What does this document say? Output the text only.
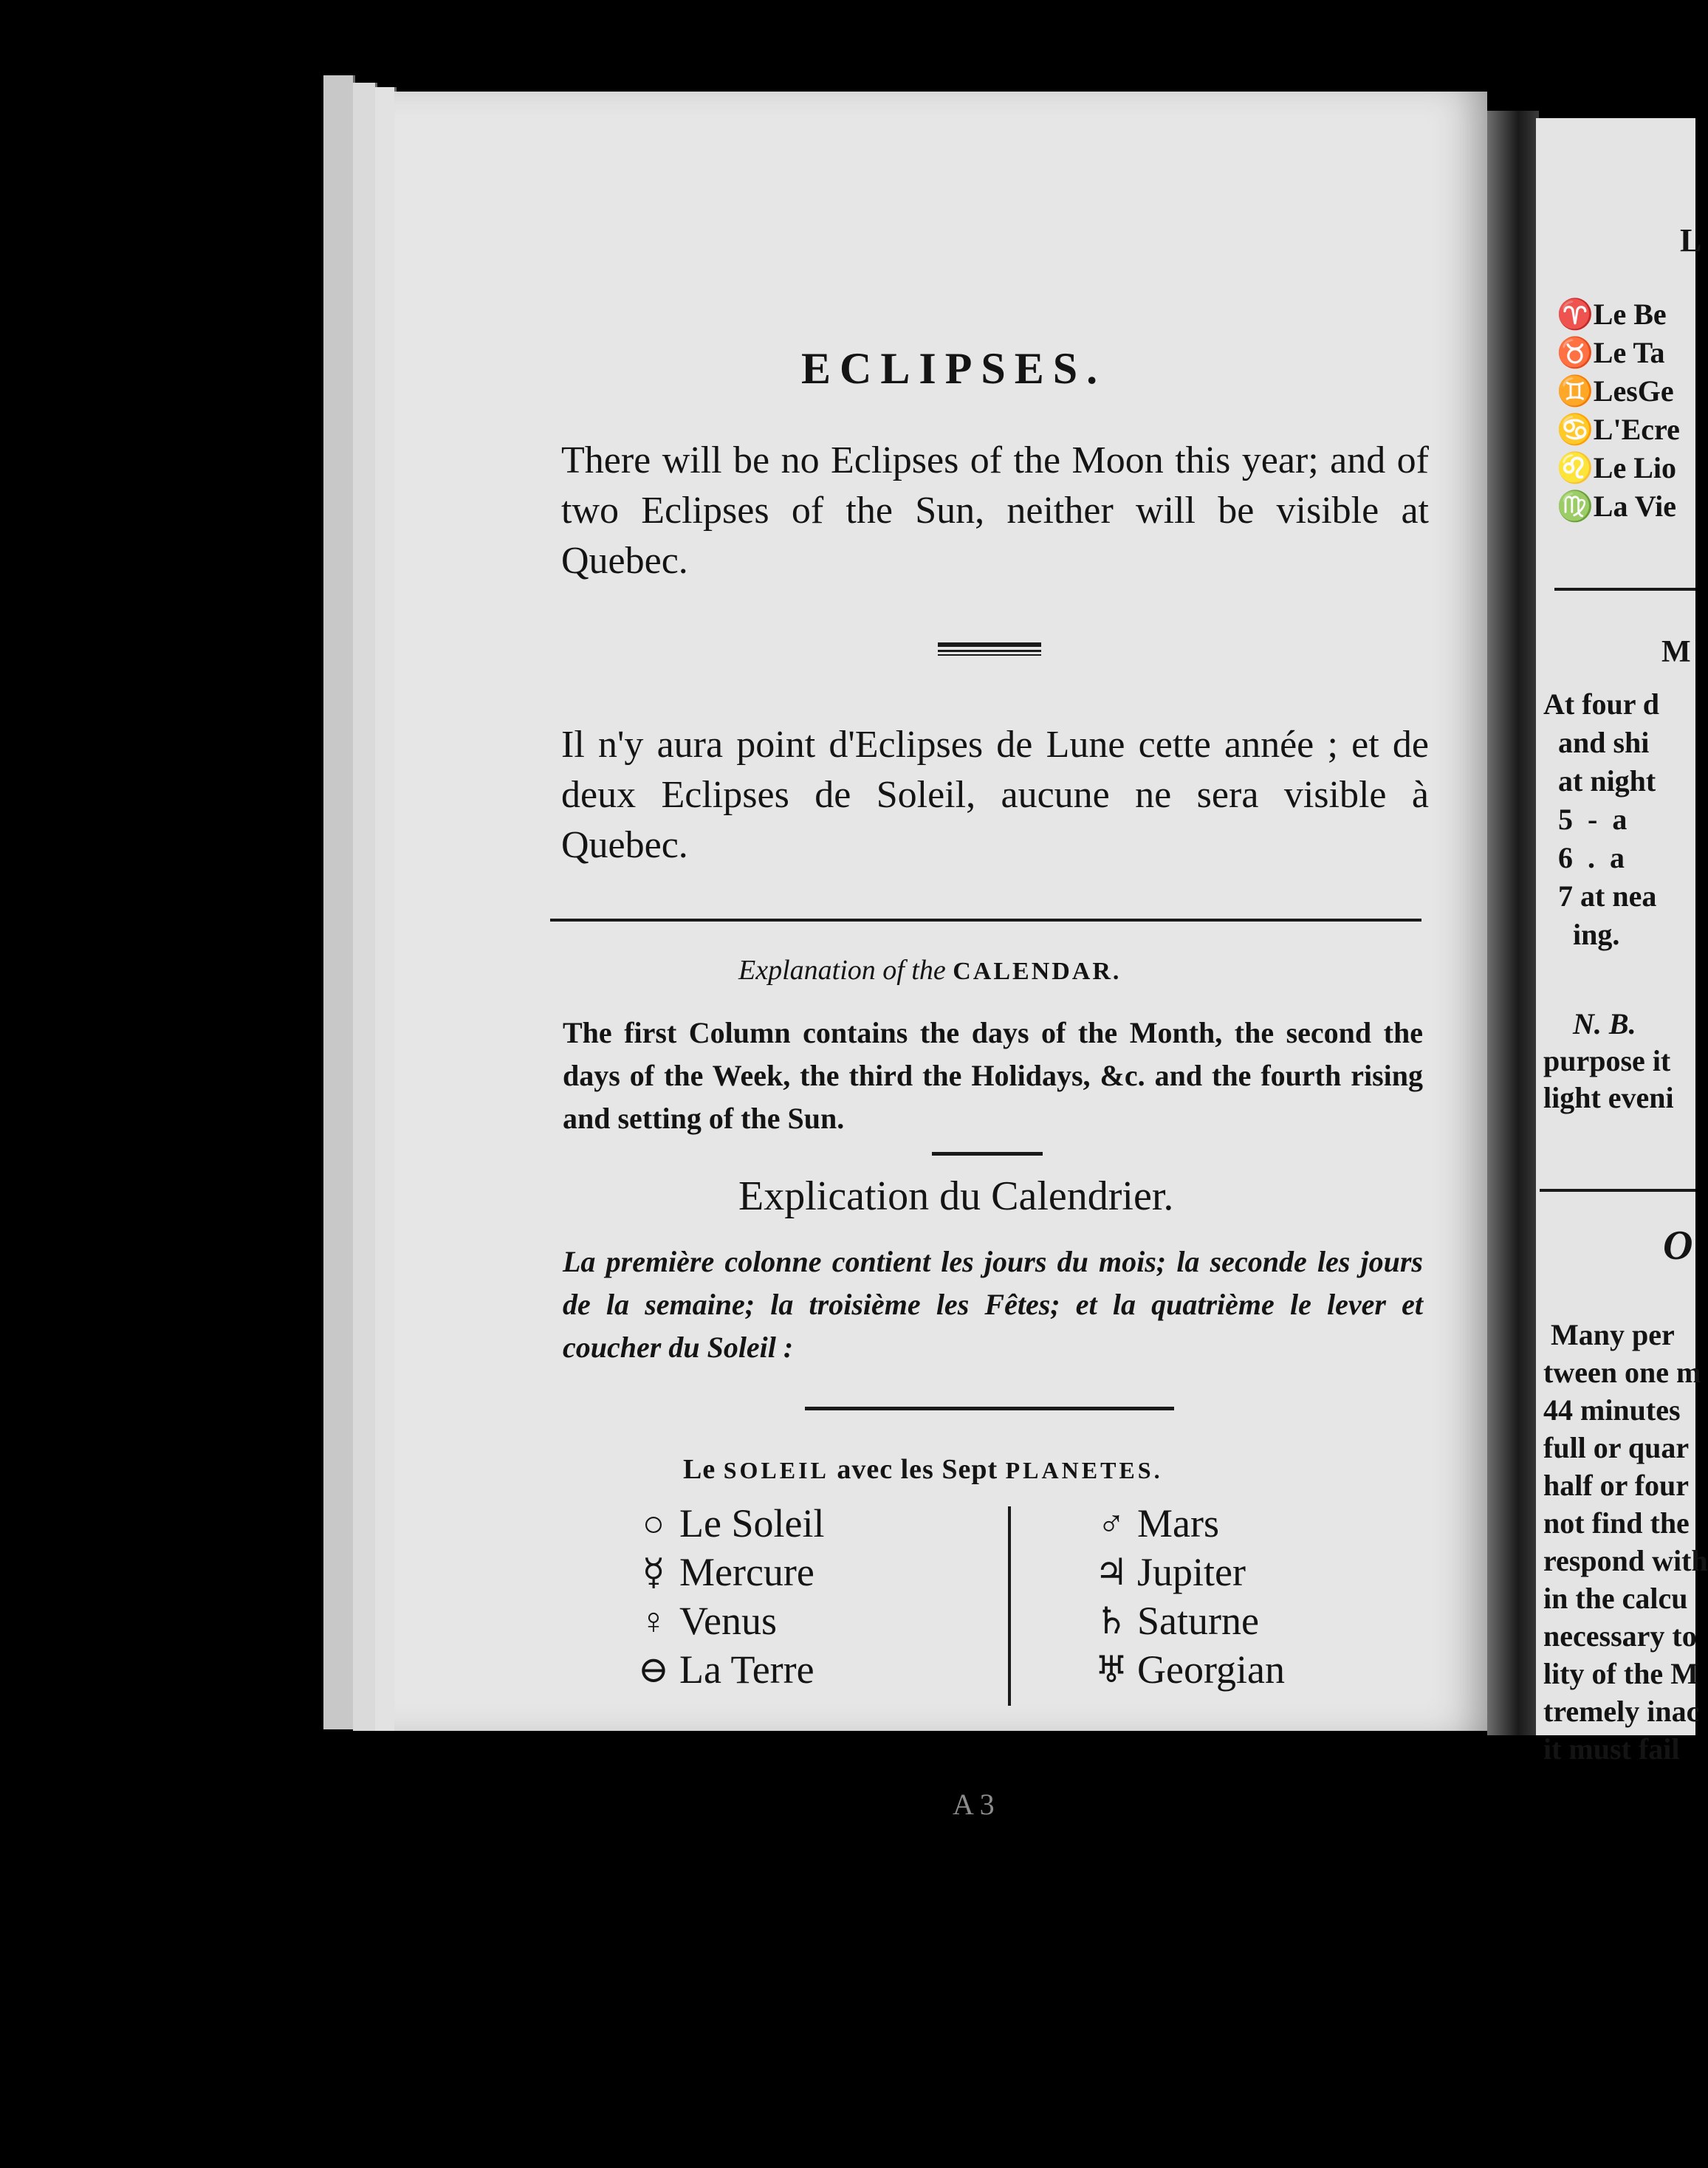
ECLIPSES.
There will be no Eclipses of the Moon this year; and of two Eclipses of the Sun, neither will be visible at Quebec.
Il n'y aura point d'Eclipses de Lune cette année ; et de deux Eclipses de Soleil, aucune ne sera visible à Quebec.
Explanation of the CALENDAR.
The first Column contains the days of the Month, the second the days of the Week, the third the Holidays, &c. and the fourth rising and setting of the Sun.
Explication du Calendrier.
La première colonne contient les jours du mois; la seconde les jours de la semaine; la troisième les Fêtes; et la quatrième le lever et coucher du Soleil :
Le SOLEIL avec les Sept PLANETES.
○ Le Soleil
☿ Mercure
♀ Venus
⊖ La Terre
♂ Mars
♃ Jupiter
♄ Saturne
♅ Georgian
A 3
L
♈Le Be
♉Le Ta
♊LesGe
♋L'Ecre
♌Le Lio
♍La Vie
M
At four d
and shi
at night
5  -  a
6  .  a
7 at nea
ing.
N. B.
purpose it
light eveni
O
Many per
tween one m
44 minutes
full or quar
half or four
not find the
respond with
in the calcu
necessary to
lity of the M
tremely inac
it must fail
